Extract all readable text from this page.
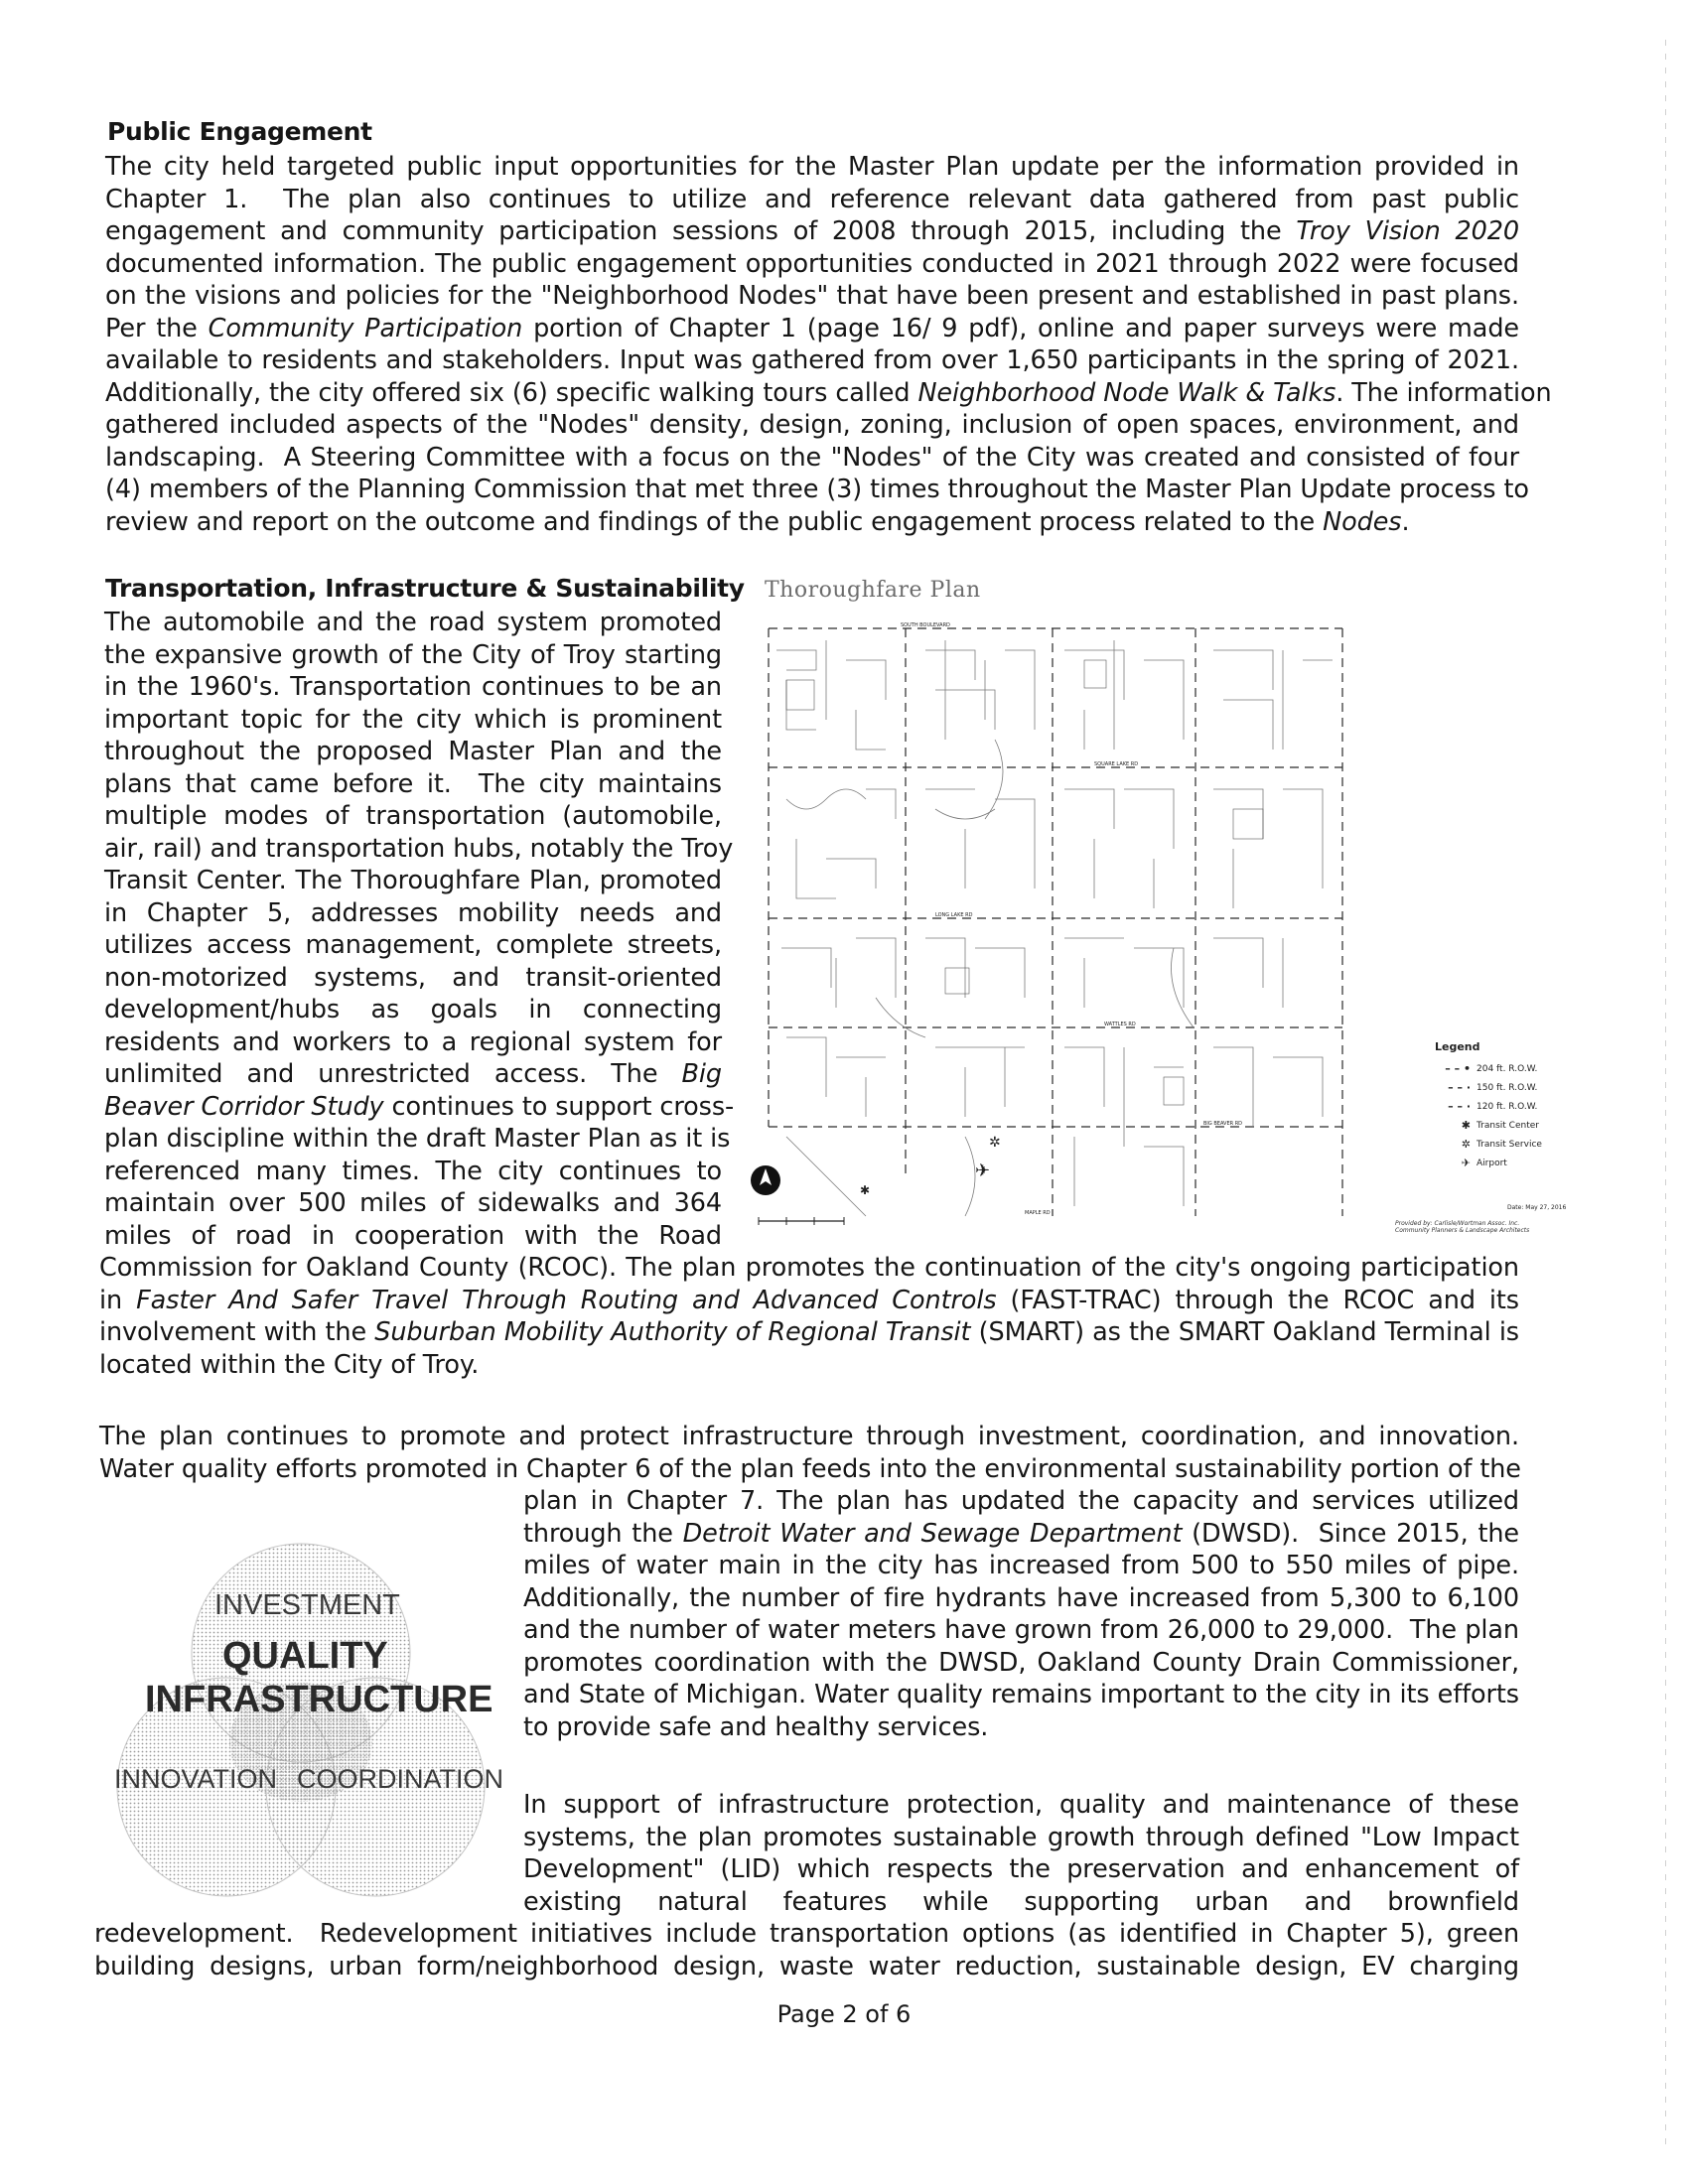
Public Engagement
The city held targeted public input opportunities for the Master Plan update per the information provided in
Chapter 1.  The plan also continues to utilize and reference relevant data gathered from past public
engagement and community participation sessions of 2008 through 2015, including the Troy Vision 2020
documented information. The public engagement opportunities conducted in 2021 through 2022 were focused
on the visions and policies for the "Neighborhood Nodes" that have been present and established in past plans.
Per the Community Participation portion of Chapter 1 (page 16/ 9 pdf), online and paper surveys were made
available to residents and stakeholders. Input was gathered from over 1,650 participants in the spring of 2021.
Additionally, the city offered six (6) specific walking tours called Neighborhood Node Walk & Talks. The information
gathered included aspects of the "Nodes" density, design, zoning, inclusion of open spaces, environment, and
landscaping.  A Steering Committee with a focus on the "Nodes" of the City was created and consisted of four
(4) members of the Planning Commission that met three (3) times throughout the Master Plan Update process to
review and report on the outcome and findings of the public engagement process related to the Nodes.
Transportation, Infrastructure & Sustainability
The automobile and the road system promoted
the expansive growth of the City of Troy starting
in the 1960's. Transportation continues to be an
important topic for the city which is prominent
throughout the proposed Master Plan and the
plans that came before it.  The city maintains
multiple modes of transportation (automobile,
air, rail) and transportation hubs, notably the Troy
Transit Center. The Thoroughfare Plan, promoted
in Chapter 5, addresses mobility needs and
utilizes access management, complete streets,
non-motorized systems, and transit-oriented
development/hubs as goals in connecting
residents and workers to a regional system for
unlimited and unrestricted access. The Big
Beaver Corridor Study continues to support cross-
plan discipline within the draft Master Plan as it is
referenced many times. The city continues to
maintain over 500 miles of sidewalks and 364
miles of road in cooperation with the Road
Commission for Oakland County (RCOC). The plan promotes the continuation of the city's ongoing participation
in Faster And Safer Travel Through Routing and Advanced Controls (FAST-TRAC) through the RCOC and its
involvement with the Suburban Mobility Authority of Regional Transit (SMART) as the SMART Oakland Terminal is
located within the City of Troy.
Thoroughfare Plan
SOUTH BOULEVARD
SQUARE LAKE RD
LONG LAKE RD
WATTLES RD
BIG BEAVER RD
MAPLE RD
✈
✲
✱
Legend
– – • 204 ft. R.O.W.
– – · 150 ft. R.O.W.
– – · 120 ft. R.O.W.
✱ Transit Center
✲ Transit Service
✈ Airport
Date: May 27, 2016
Provided by: Carlisle/Wortman Assoc. Inc. Community Planners & Landscape Architects
The plan continues to promote and protect infrastructure through investment, coordination, and innovation.
Water quality efforts promoted in Chapter 6 of the plan feeds into the environmental sustainability portion of the
plan in Chapter 7. The plan has updated the capacity and services utilized
through the Detroit Water and Sewage Department (DWSD).  Since 2015, the
miles of water main in the city has increased from 500 to 550 miles of pipe.
Additionally, the number of fire hydrants have increased from 5,300 to 6,100
and the number of water meters have grown from 26,000 to 29,000.  The plan
promotes coordination with the DWSD, Oakland County Drain Commissioner,
and State of Michigan. Water quality remains important to the city in its efforts
to provide safe and healthy services.
In support of infrastructure protection, quality and maintenance of these
systems, the plan promotes sustainable growth through defined "Low Impact
Development" (LID) which respects the preservation and enhancement of
existing natural features while supporting urban and brownfield
redevelopment.  Redevelopment initiatives include transportation options (as identified in Chapter 5), green
building designs, urban form/neighborhood design, waste water reduction, sustainable design, EV charging
INVESTMENT
QUALITY
INFRASTRUCTURE
INNOVATION COORDINATION
Page 2 of 6
